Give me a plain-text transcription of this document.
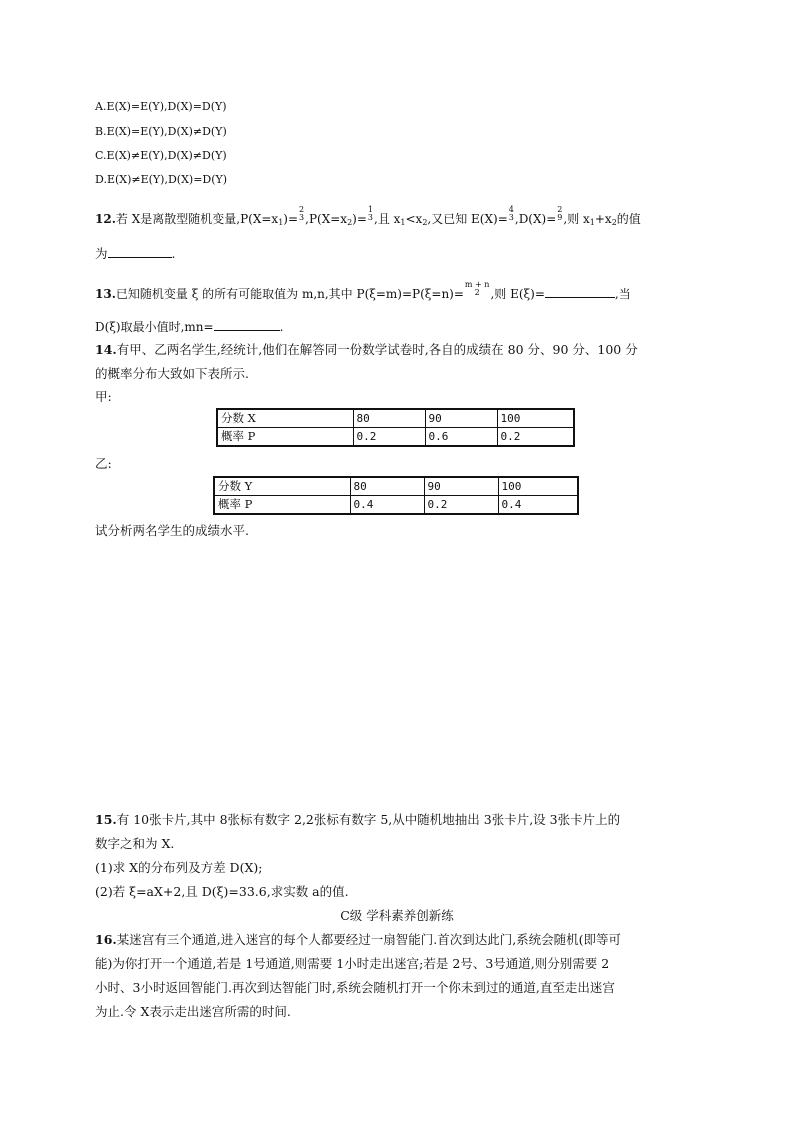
A.E(X)=E(Y),D(X)=D(Y)
B.E(X)=E(Y),D(X)≠D(Y)
C.E(X)≠E(Y),D(X)≠D(Y)
D.E(X)≠E(Y),D(X)=D(Y)
12.若 X是离散型随机变量$,P(X=x_1)=$
2
3 $,P(X=x_2)=$
1
3 ,且 $x_1<x_2$,又已知 E(X)=
4
3 ,D(X)=
2
9 ,则 $x_1+x_2$的值
为	.
13.已知随机变量 ξ 的所有可能取值为 m,n,其中 P(ξ=m)=P(ξ=n)=
m + n
2 ,则 E(ξ)=	,当
D(ξ)取最小值时,mn=	.
14.有甲、乙两名学生,经统计,他们在解答同一份数学试卷时,各自的成绩在 80 分、90 分、100 分
的概率分布大致如下表所示.
甲:
分数 X	80	90	100
概率 P	0.2	0.6	0.2
乙:
分数 Y	80	90	100
概率 P	0.4	0.2	0.4
试分析两名学生的成绩水平.
15.有 10张卡片,其中 8张标有数字 2,2张标有数字 5,从中随机地抽出 3张卡片,设 3张卡片上的
数字之和为 X.
(1)求 X的分布列及方差 D(X);
(2)若 ξ=aX+2,且 D(ξ)=33.6,求实数 a的值.
C级 学科素养创新练
16.某迷宫有三个通道,进入迷宫的每个人都要经过一扇智能门.首次到达此门,系统会随机(即等可
能)为你打开一个通道,若是 1号通道,则需要 1小时走出迷宫;若是 2号、3号通道,则分别需要 2
小时、3小时返回智能门.再次到达智能门时,系统会随机打开一个你未到过的通道,直至走出迷宫
为止.令 X表示走出迷宫所需的时间.
